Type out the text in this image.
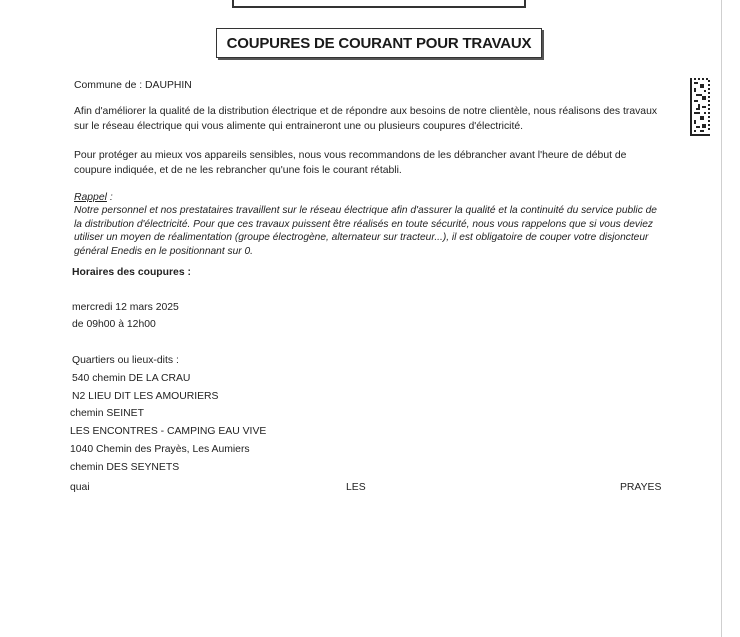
COUPURES DE COURANT POUR TRAVAUX
Commune de : DAUPHIN
Afin d'améliorer la qualité de la distribution électrique et de répondre aux besoins de notre clientèle, nous réalisons des travaux sur le réseau électrique qui vous alimente qui entraineront une ou plusieurs coupures d'électricité.
Pour protéger au mieux vos appareils sensibles, nous vous recommandons de les débrancher avant l'heure de début de coupure indiquée, et de ne les rebrancher qu'une fois le courant rétabli.
Rappel :
Notre personnel et nos prestataires travaillent sur le réseau électrique afin d'assurer la qualité et la continuité du service public de la distribution d'électricité. Pour que ces travaux puissent être réalisés en toute sécurité, nous vous rappelons que si vous deviez utiliser un moyen de réalimentation (groupe électrogène, alternateur sur tracteur...), il est obligatoire de couper votre disjoncteur général Enedis en le positionnant sur 0.
Horaires des coupures :
mercredi 12 mars 2025
de 09h00 à 12h00
Quartiers ou lieux-dits :
540 chemin DE LA CRAU
N2 LIEU DIT LES AMOURIERS
chemin SEINET
LES ENCONTRES - CAMPING EAU VIVE
1040 Chemin des Prayès, Les Aumiers
chemin DES SEYNETS
quai	LES	PRAYES
